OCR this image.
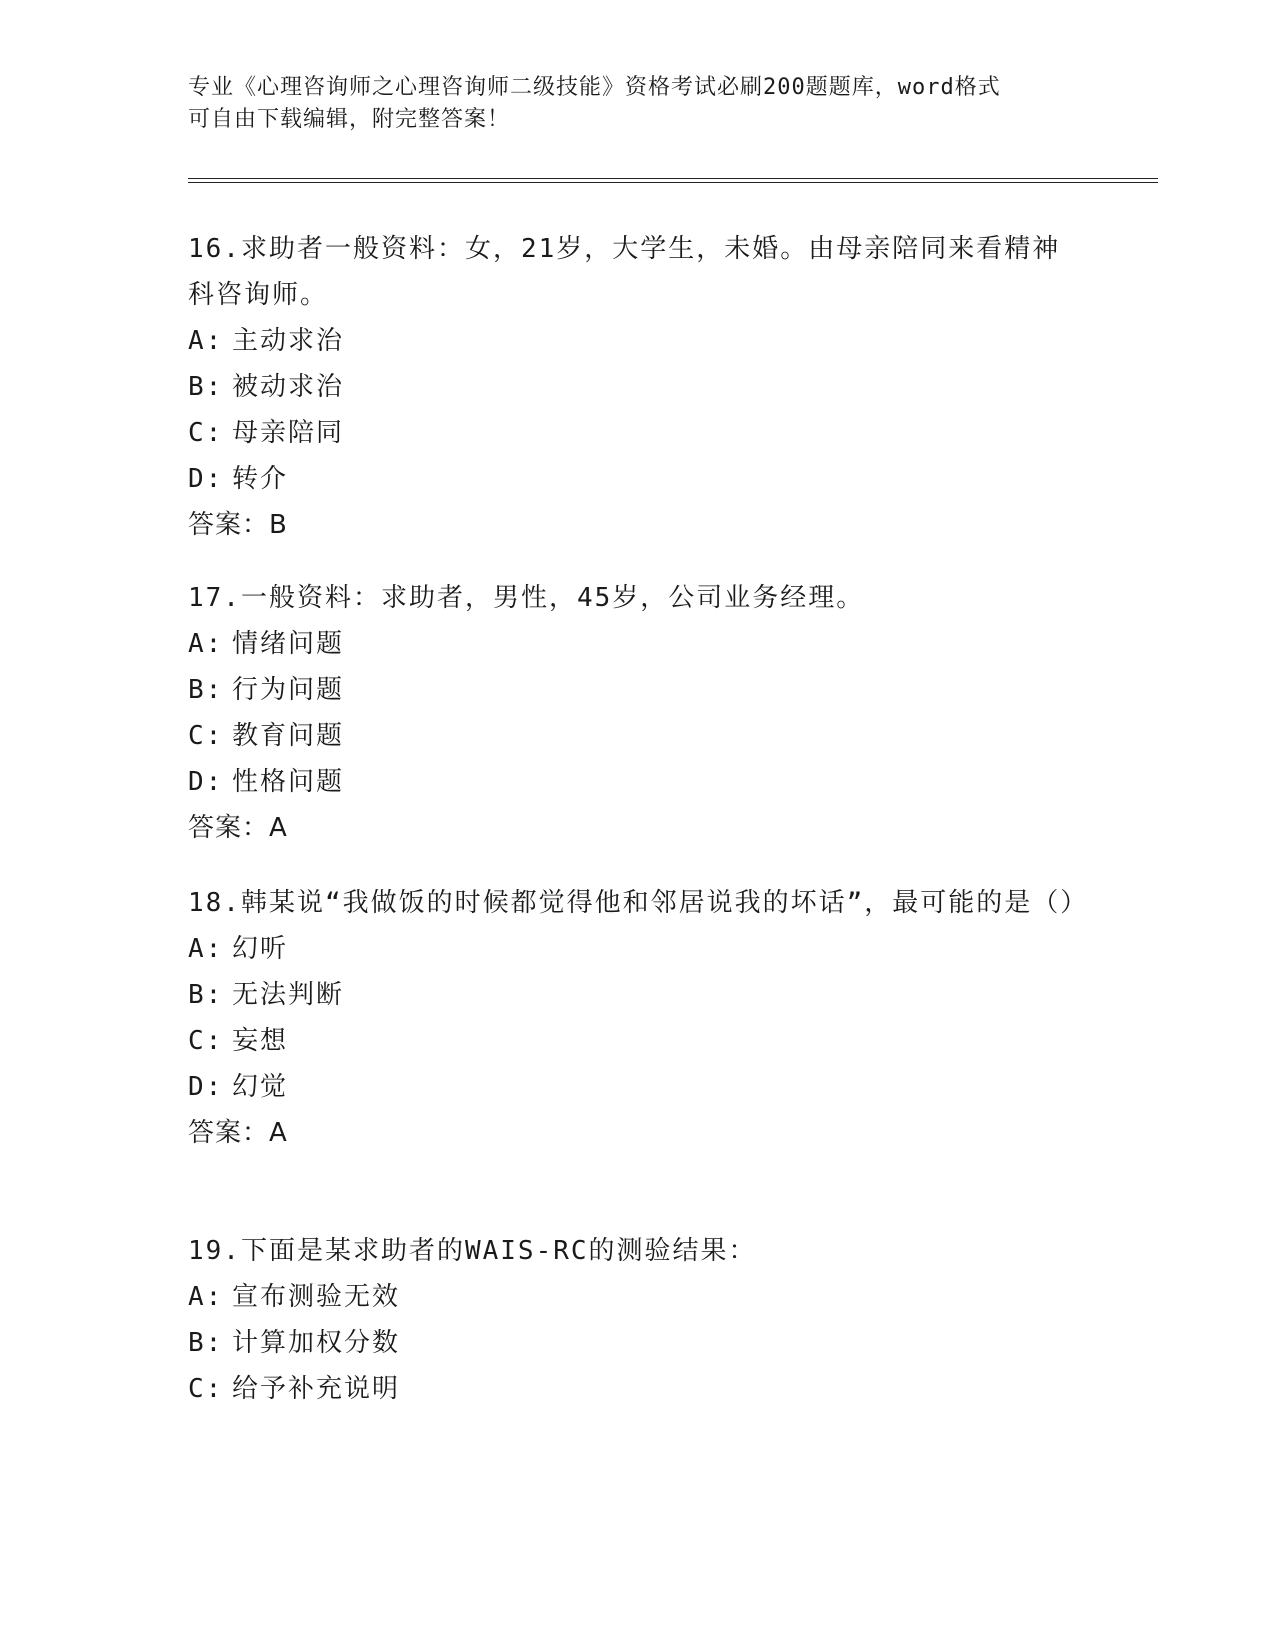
专业《心理咨询师之心理咨询师二级技能》资格考试必刷200题题库，word格式
可自由下载编辑，附完整答案！

16.求助者一般资料：女，21岁，大学生，未婚。由母亲陪同来看精神科咨询师。

A: 主动求治

B: 被动求治

C: 母亲陪同

D: 转介

答案：B

17.一般资料：求助者，男性，45岁，公司业务经理。

A: 情绪问题

B: 行为问题

C: 教育问题

D: 性格问题

答案：A

18.韩某说“我做饭的时候都觉得他和邻居说我的坏话”，最可能的是（）

A: 幻听

B: 无法判断

C: 妄想

D: 幻觉

答案：A

19.下面是某求助者的WAIS-RC的测验结果：

A: 宣布测验无效

B: 计算加权分数

C: 给予补充说明
